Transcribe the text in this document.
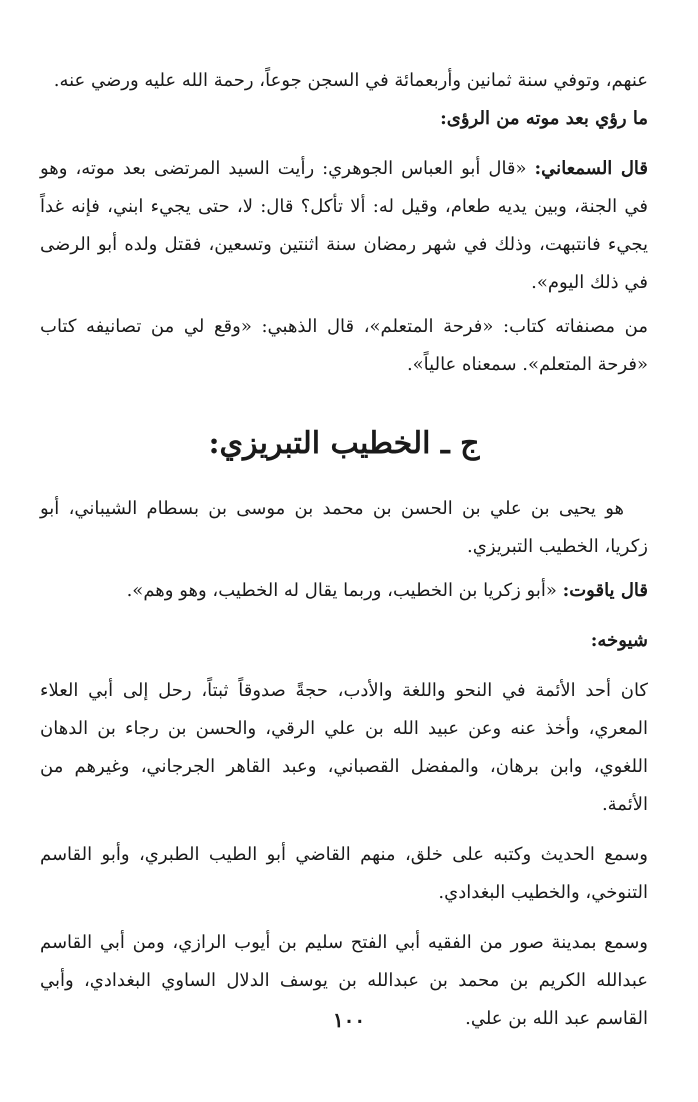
عنهم، وتوفي سنة ثمانين وأربعمائة في السجن جوعاً، رحمة الله عليه ورضي عنه.

ما رؤي بعد موته من الرؤى:

قال السمعاني: «قال أبو العباس الجوهري: رأيت السيد المرتضى بعد موته، وهو في الجنة، وبين يديه طعام، وقيل له: ألا تأكل؟ قال: لا، حتى يجيء ابني، فإنه غداً يجيء فانتبهت، وذلك في شهر رمضان سنة اثنتين وتسعين، فقتل ولده أبو الرضى في ذلك اليوم».

من مصنفاته كتاب: «فرحة المتعلم»، قال الذهبي: «وقع لي من تصانيفه كتاب «فرحة المتعلم». سمعناه عالياً».

ج ـ الخطيب التبريزي:

هو يحيى بن علي بن الحسن بن محمد بن موسى بن بسطام الشيباني، أبو زكريا، الخطيب التبريزي.

قال ياقوت: «أبو زكريا بن الخطيب، وربما يقال له الخطيب، وهو وهم».

شيوخه:

كان أحد الأئمة في النحو واللغة والأدب، حجةً صدوقاً ثبتاً، رحل إلى أبي العلاء المعري، وأخذ عنه وعن عبيد الله بن علي الرقي، والحسن بن رجاء بن الدهان اللغوي، وابن برهان، والمفضل القصباني، وعبد القاهر الجرجاني، وغيرهم من الأئمة.

وسمع الحديث وكتبه على خلق، منهم القاضي أبو الطيب الطبري، وأبو القاسم التنوخي، والخطيب البغدادي.

وسمع بمدينة صور من الفقيه أبي الفتح سليم بن أيوب الرازي، ومن أبي القاسم عبدالله الكريم بن محمد بن عبدالله بن يوسف الدلال الساوي البغدادي، وأبي القاسم عبد الله بن علي.

١٠٠
